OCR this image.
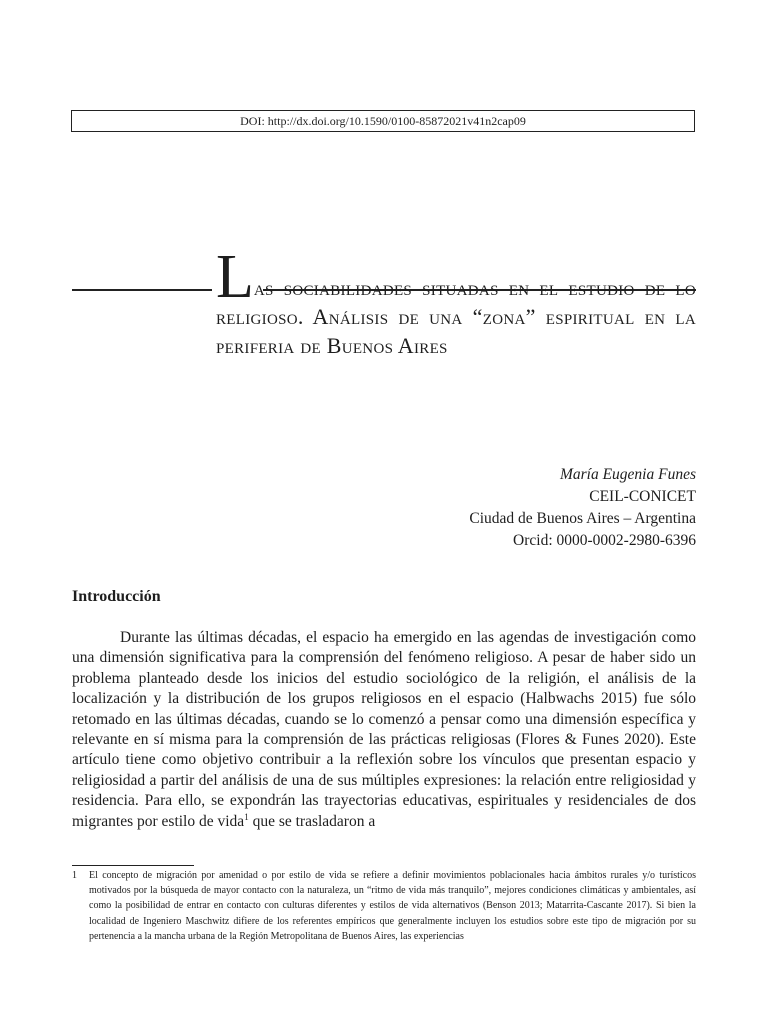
DOI: http://dx.doi.org/10.1590/0100-85872021v41n2cap09
Las sociabilidades situadas en el estudio de lo religioso. Análisis de una “zona” espiritual en la periferia de Buenos Aires
María Eugenia Funes
CEIL-CONICET
Ciudad de Buenos Aires – Argentina
Orcid: 0000-0002-2980-6396
Introducción

Durante las últimas décadas, el espacio ha emergido en las agendas de investigación como una dimensión significativa para la comprensión del fenómeno religioso. A pesar de haber sido un problema planteado desde los inicios del estudio sociológico de la religión, el análisis de la localización y la distribución de los grupos religiosos en el espacio (Halbwachs 2015) fue sólo retomado en las últimas décadas, cuando se lo comenzó a pensar como una dimensión específica y relevante en sí misma para la comprensión de las prácticas religiosas (Flores & Funes 2020). Este artículo tiene como objetivo contribuir a la reflexión sobre los vínculos que presentan espacio y religiosidad a partir del análisis de una de sus múltiples expresiones: la relación entre religiosidad y residencia. Para ello, se expondrán las trayectorias educativas, espirituales y residenciales de dos migrantes por estilo de vida$^1$ que se trasladaron a

1 El concepto de migración por amenidad o por estilo de vida se refiere a definir movimientos poblacionales hacia ámbitos rurales y/o turísticos motivados por la búsqueda de mayor contacto con la naturaleza, un “ritmo de vida más tranquilo”, mejores condiciones climáticas y ambientales, así como la posibilidad de entrar en contacto con culturas diferentes y estilos de vida alternativos (Benson 2013; Matarrita-Cascante 2017). Si bien la localidad de Ingeniero Maschwitz difiere de los referentes empíricos que generalmente incluyen los estudios sobre este tipo de migración por su pertenencia a la mancha urbana de la Región Metropolitana de Buenos Aires, las experiencias
